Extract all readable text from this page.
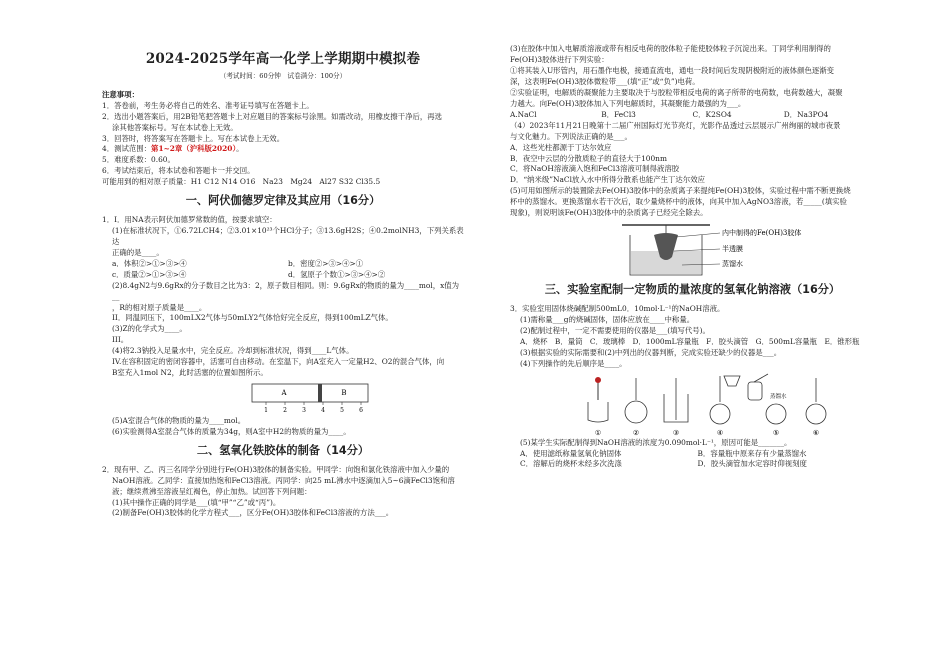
2024-2025学年高一化学上学期期中模拟卷
（考试时间：60分钟　试卷满分：100分）
注意事项：
1．答卷前，考生务必将自己的姓名、准考证号填写在答题卡上。
2．选出小题答案后，用2B铅笔把答题卡上对应题目的答案标号涂黑。如需改动，用橡皮擦干净后，再选
涂其他答案标号。写在本试卷上无效。
3．回答时，将答案写在答题卡上。写在本试卷上无效。
4．测试范围：第1~2章（沪科版2020）。
5．难度系数：0.60。
6．考试结束后，将本试卷和答题卡一并交回。
可能用到的相对原子质量：H1 C12 N14 O16　Na23　Mg24　Al27 S32 Cl35.5
一、阿伏伽德罗定律及其应用（16分）
1．I．用NA表示阿伏加德罗常数的值，按要求填空：
(1)在标准状况下，①6.72LCH4；②3.01×10²³个HCl分子；③13.6gH2S；④0.2molNH3，下列关系表达
正确的是____。
a．体积②>①>③>④	b．密度②>③>④>①
c．质量②>①>③>④	d．氢原子个数①>③>④>②
(2)8.4gN2与9.6gRx的分子数目之比为3：2，原子数目相同。则：9.6gRx的物质的量为____mol，x值为__
，R的相对原子质量是____。
II．同温同压下，100mLX2气体与50mLY2气体恰好完全反应，得到100mLZ气体。
(3)Z的化学式为____。
III。
(4)将2.3钠投入足量水中，完全反应。冷却到标准状况，得到____L气体。
IV.在容积固定的密闭容器中，活塞可自由移动。在室温下，向A室充入一定量H2、O2的混合气体，向
B室充入1mol N2，此时活塞的位置如图所示。
A	B
1	2	3	4	5	6
(5)A室混合气体的物质的量为____mol。
(6)实验测得A室混合气体的质量为34g，则A室中H2的物质的量为____。
二、氢氧化铁胶体的制备（14分）
2．现有甲、乙、丙三名同学分别进行Fe(OH)3胶体的制备实验。甲同学：向饱和氯化铁溶液中加入少量的
NaOH溶液。乙同学：直接加热饱和FeCl3溶液。丙同学：向25 mL沸水中逐滴加入5~6滴FeCl3饱和溶
液；继续煮沸至溶液呈红褐色，停止加热。试回答下列问题：
(1)其中操作正确的同学是___(填“甲”“乙”或“丙”)。
(2)制备Fe(OH)3胶体的化学方程式___，区分Fe(OH)3胶体和FeCl3溶液的方法___。
(3)在胶体中加入电解质溶液或带有相反电荷的胶体粒子能使胶体粒子沉淀出来。丁同学利用制得的
Fe(OH)3胶体进行下列实验：
①将其装入U形管内，用石墨作电极，接通直流电，通电一段时间后发现阴极附近的液体颜色逐渐变
深，这表明Fe(OH)3胶体微粒带___(填“正”或“负”)电荷。
②实验证明，电解质的凝聚能力主要取决于与胶粒带相反电荷的离子所带的电荷数，电荷数越大，凝聚
力越大。向Fe(OH)3胶体加入下列电解质时，其凝聚能力最强的为___。
A.NaCl	B．FeCl3	C．K2SO4	D．Na3PO4
（4）2023年11月21日晚第十二届广州国际灯光节亮灯，光影作品透过云层展示广州绚丽的城市夜景
与文化魅力。下列说法正确的是___。
A．这些光柱都源于丁达尔效应
B．夜空中云层的分散质粒子的直径大于100nm
C．将NaOH溶液滴入饱和FeCl3溶液可制得液溶胶
D．“纳米级”NaCl放入水中所得分散系也能产生丁达尔效应
(5)可用如图所示的装置除去Fe(OH)3胶体中的杂质离子来提纯Fe(OH)3胶体，实验过程中需不断更换烧
杯中的蒸馏水。更换蒸馏水若干次后，取少量烧杯中的液体，向其中加入AgNO3溶液，若_____(填实验
现象)，则说明该Fe(OH)3胶体中的杂质离子已经完全除去。
内中制得的Fe(OH)3胶体
半透膜
蒸馏水
三、实验室配制一定物质的量浓度的氢氧化钠溶液（16分）
3．实验室用固体烧碱配制500mL0．10mol·L⁻¹的NaOH溶液。
(1)需称量___g的烧碱固体，固体应放在____中称量。
(2)配制过程中，一定不需要使用的仪器是___(填写代号)。
A．烧杯　B．量筒　C．玻璃棒　D．1000mL容量瓶　F．胶头滴管　G．500mL容量瓶　E．锥形瓶
(3)根据实验的实际需要和(2)中列出的仪器判断，完成实验还缺少的仪器是___。
(4)下列操作的先后顺序是____。
蒸馏水
①	②	③	④	⑤	⑥
(5)某学生实际配制得到NaOH溶液的浓度为0.090mol·L⁻¹，原因可能是_______。
A．使用滤纸称量氢氧化钠固体	B．容量瓶中原来存有少量蒸馏水
C．溶解后的烧杯未经多次洗涤	D．胶头滴管加水定容时仰视刻度
